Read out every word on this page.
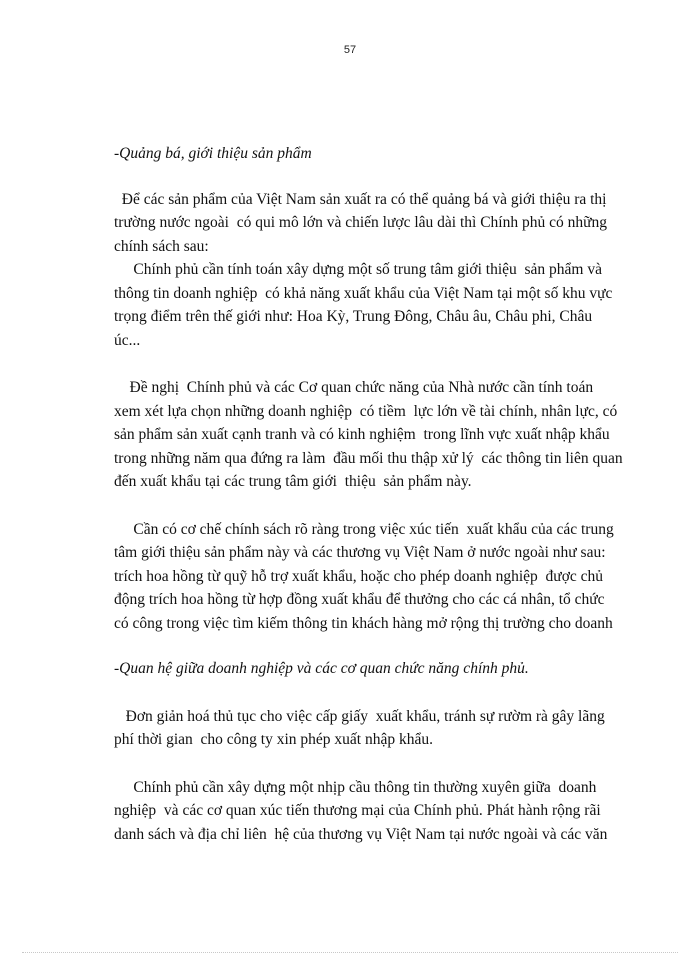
57
-Quảng bá, giới thiệu sản phẩm
Để các sản phẩm của Việt Nam sản xuất ra có thể quảng bá và giới thiệu ra thị
trường nước ngoài  có qui mô lớn và chiến lược lâu dài thì Chính phủ có những
chính sách sau:
Chính phủ cần tính toán xây dựng một số trung tâm giới thiệu  sản phẩm và
thông tin doanh nghiệp  có khả năng xuất khẩu của Việt Nam tại một số khu vực
trọng điểm trên thế giới như: Hoa Kỳ, Trung Đông, Châu âu, Châu phi, Châu
úc...
Đề nghị  Chính phủ và các Cơ quan chức năng của Nhà nước cần tính toán
xem xét lựa chọn những doanh nghiệp  có tiềm  lực lớn về tài chính, nhân lực, có
sản phẩm sản xuất cạnh tranh và có kinh nghiệm  trong lĩnh vực xuất nhập khẩu
trong những năm qua đứng ra làm  đầu mối thu thập xử lý  các thông tin liên quan
đến xuất khẩu tại các trung tâm giới  thiệu  sản phẩm này.
Cần có cơ chế chính sách rõ ràng trong việc xúc tiến  xuất khẩu của các trung
tâm giới thiệu sản phẩm này và các thương vụ Việt Nam ở nước ngoài như sau:
trích hoa hồng từ quỹ hỗ trợ xuất khẩu, hoặc cho phép doanh nghiệp  được chủ
động trích hoa hồng từ hợp đồng xuất khẩu để thưởng cho các cá nhân, tổ chức
có công trong việc tìm kiếm thông tin khách hàng mở rộng thị trường cho doanh
-Quan hệ giữa doanh nghiệp và các cơ quan chức năng chính phủ.
Đơn giản hoá thủ tục cho việc cấp giấy  xuất khẩu, tránh sự rườm rà gây lãng
phí thời gian  cho công ty xin phép xuất nhập khẩu.
Chính phủ cần xây dựng một nhịp cầu thông tin thường xuyên giữa  doanh
nghiệp  và các cơ quan xúc tiến thương mại của Chính phủ. Phát hành rộng rãi
danh sách và địa chỉ liên  hệ của thương vụ Việt Nam tại nước ngoài và các văn
